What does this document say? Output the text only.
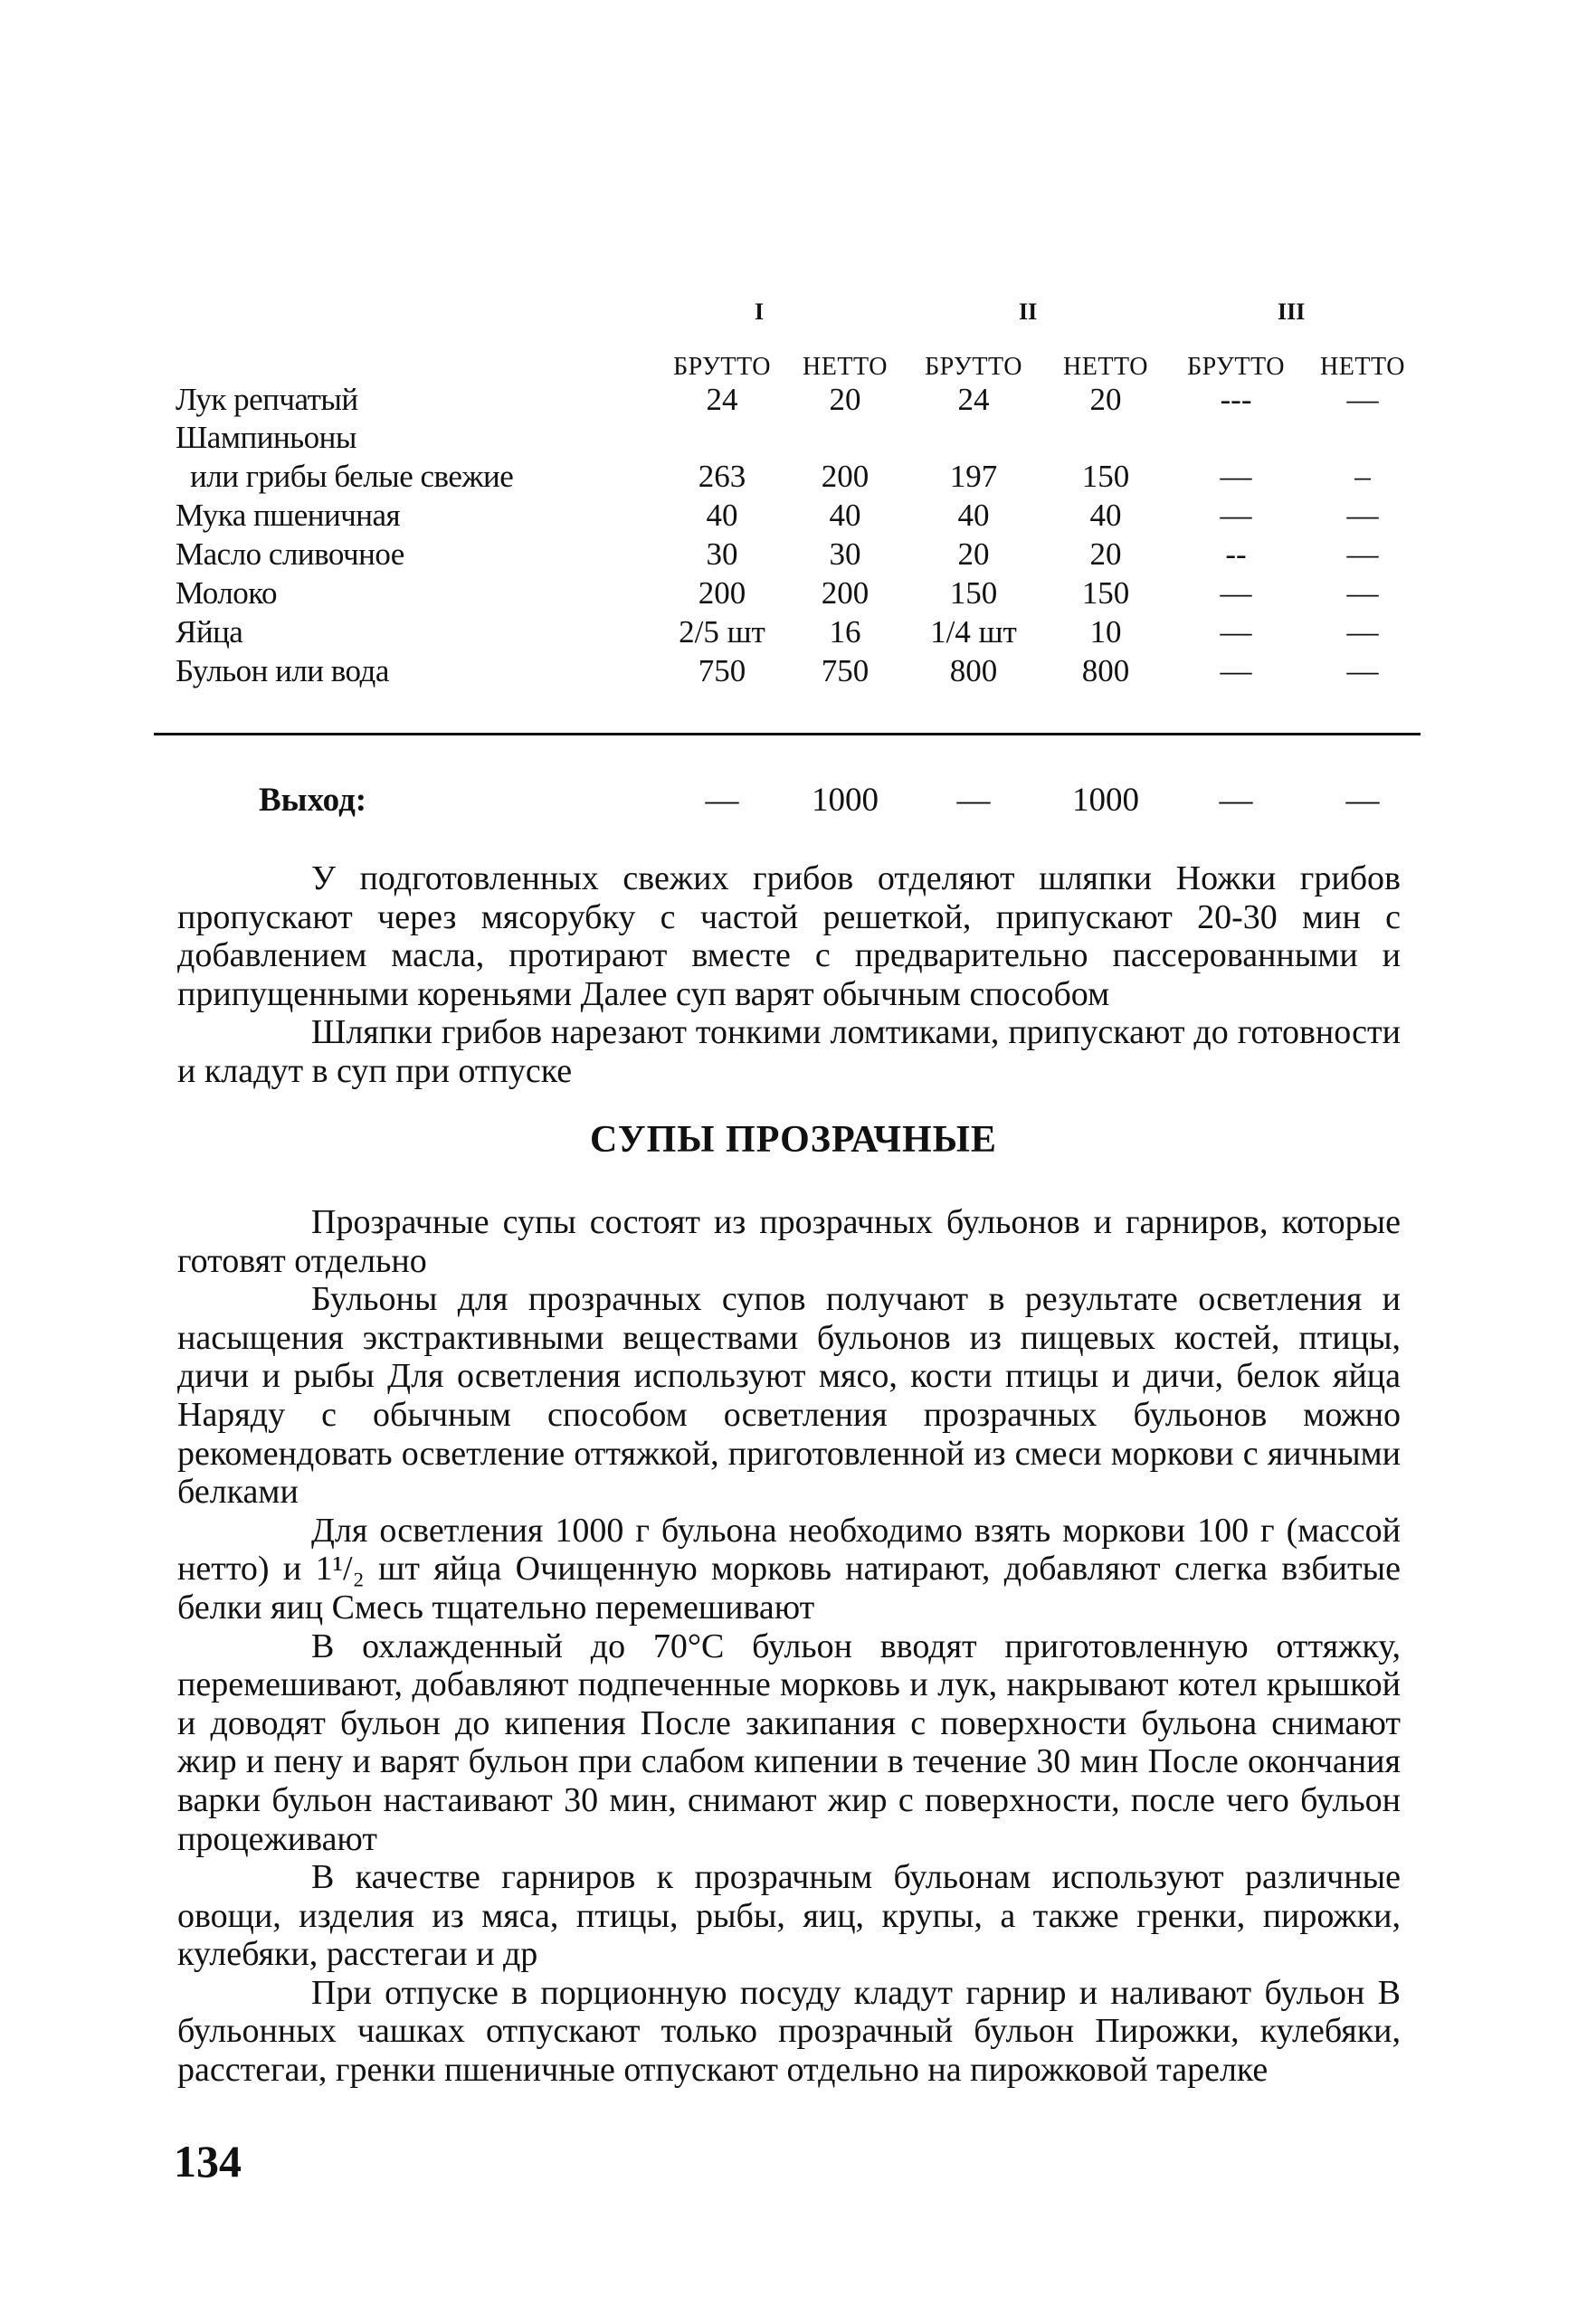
I	II	III
БРУТТО	НЕТТО	БРУТТО	НЕТТО	БРУТТО	НЕТТО
Лук репчатый	24	20	24	20	---	—
Шампиньоны
или грибы белые свежие	263	200	197	150	—	–
Мука пшеничная	40	40	40	40	—	—
Масло сливочное	30	30	20	20	--	—
Молоко	200	200	150	150	—	—
Яйца	2/5 шт	16	1/4 шт	10	—	—
Бульон или вода	750	750	800	800	—	—
Выход:	—	1000	—	1000	—	—

У подготовленных свежих грибов отделяют шляпки Ножки грибов пропускают через мясорубку с частой решеткой, припускают 20-30 мин с добавлением масла, протирают вместе с предварительно пассерованными и припущенными кореньями Далее суп варят обычным способом

Шляпки грибов нарезают тонкими ломтиками, припускают до готовности и кладут в суп при отпуске

СУПЫ ПРОЗРАЧНЫЕ

Прозрачные супы состоят из прозрачных бульонов и гарниров, которые готовят отдельно

Бульоны для прозрачных супов получают в результате осветления и насыщения экстрактивными веществами бульонов из пищевых костей, птицы, дичи и рыбы Для осветления используют мясо, кости птицы и дичи, белок яйца Наряду с обычным способом осветления прозрачных бульонов можно рекомендовать осветление оттяжкой, приготовленной из смеси моркови с яичными белками

Для осветления 1000 г бульона необходимо взять моркови 100 г (массой нетто) и 1¹/₂ шт яйца Очищенную морковь натирают, добавляют слегка взбитые белки яиц Смесь тщательно перемешивают

В охлажденный до 70°С бульон вводят приготовленную оттяжку, перемешивают, добавляют подпеченные морковь и лук, накрывают котел крышкой и доводят бульон до кипения После закипания с поверхности бульона снимают жир и пену и варят бульон при слабом кипении в течение 30 мин После окончания варки бульон настаивают 30 мин, снимают жир с поверхности, после чего бульон процеживают

В качестве гарниров к прозрачным бульонам используют различные овощи, изделия из мяса, птицы, рыбы, яиц, крупы, а также гренки, пирожки, кулебяки, расстегаи и др

При отпуске в порционную посуду кладут гарнир и наливают бульон В бульонных чашках отпускают только прозрачный бульон Пирожки, кулебяки, расстегаи, гренки пшеничные отпускают отдельно на пирожковой тарелке

134
